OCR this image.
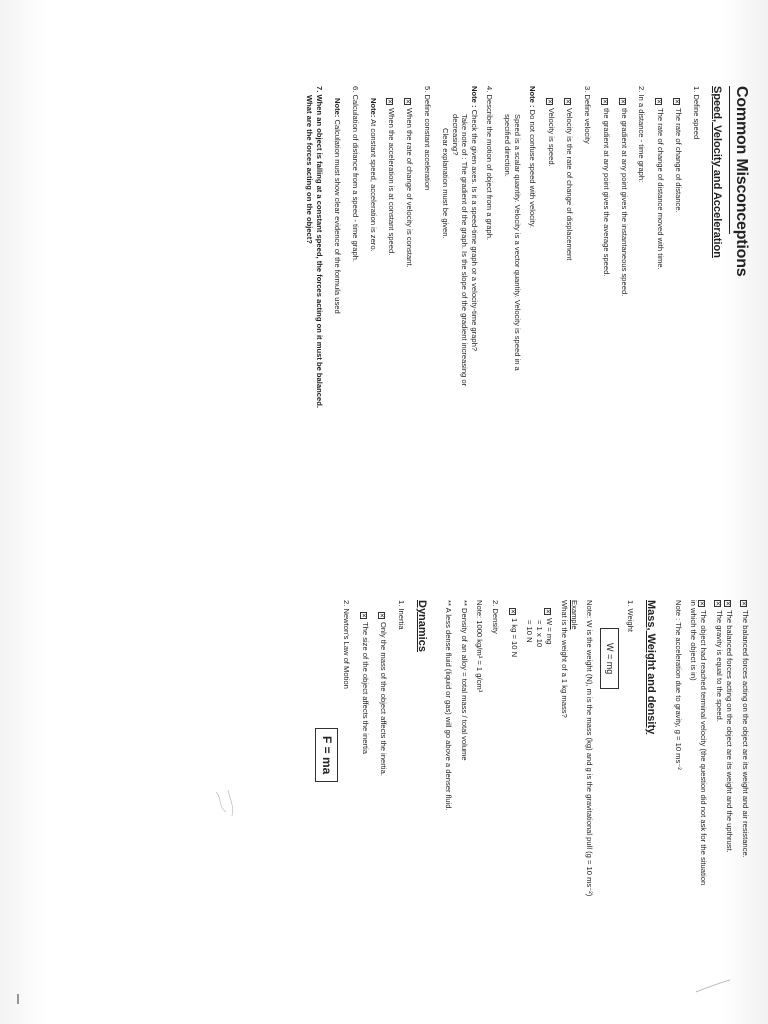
Common Misconceptions
Speed, Velocity and Acceleration
1. Define speed
✕The rate of change of distance.
✕The rate of change of distance moved with time.
2. In a distance - time graph:
✕the gradient at any point gives the instantaneous speed.
✕the gradient at any point gives the average speed.
3. Define velocity
✕Velocity is the rate of change of displacement
✕Velocity is speed.
Note : Do not confuse speed with velocity.
Speed is a scalar quantity. Velocity is a vector quantity. Velocity is speed in a
specified direction.
4. Describe the motion of object from a graph.
Note : Check the given axes. Is it a speed-time graph or a velocity-time graph?
Take note of : The gradient of the graph. Is the slope of the gradient increasing or
decreasing?
Clear explanation must be given.
5. Define constant acceleration
✕When the rate of change of velocity is constant.
✕When the acceleration is at constant speed.
Note: At constant speed, acceleration is zero.
6. Calculation of distance from a speed - time graph.
Note: Calculation must show clear evidence of the formula used
7. When an object is falling at a constant speed, the forces acting on it must be balanced.
What are the forces acting on the object?
✕The balanced forces acting on the object are its weight and air resistance.
✕The balanced forces acting on the object are its weight and the upthrust.
✕The gravity is equal to the speed.
✕The object had reached terminal velocity (the question did not ask for the situation
in which the object is in)
Note : The acceleration due to gravity, g = 10 ms⁻²
Mass, Weight and density
1. Weight
W = mg
Note: W is the weight (N), m is the mass (kg) and g is the gravitational pull (g = 10 ms⁻²)
Example
What is the weight of a 1 kg mass?
✕W = mg
= 1 x 10
= 10 N
✕1 kg = 10 N
2. Density
Note: 1000 kg/m³ = 1 g/cm³
** Density of an alloy = total mass / total volume
** A less dense fluid (liquid or gas) will go above a denser fluid.
Dynamics
1. Inertia
✕Only the mass of the object affects the inertia.
✕The size of the object affects the inertia
2. Newton's Law of Motion
F = ma
